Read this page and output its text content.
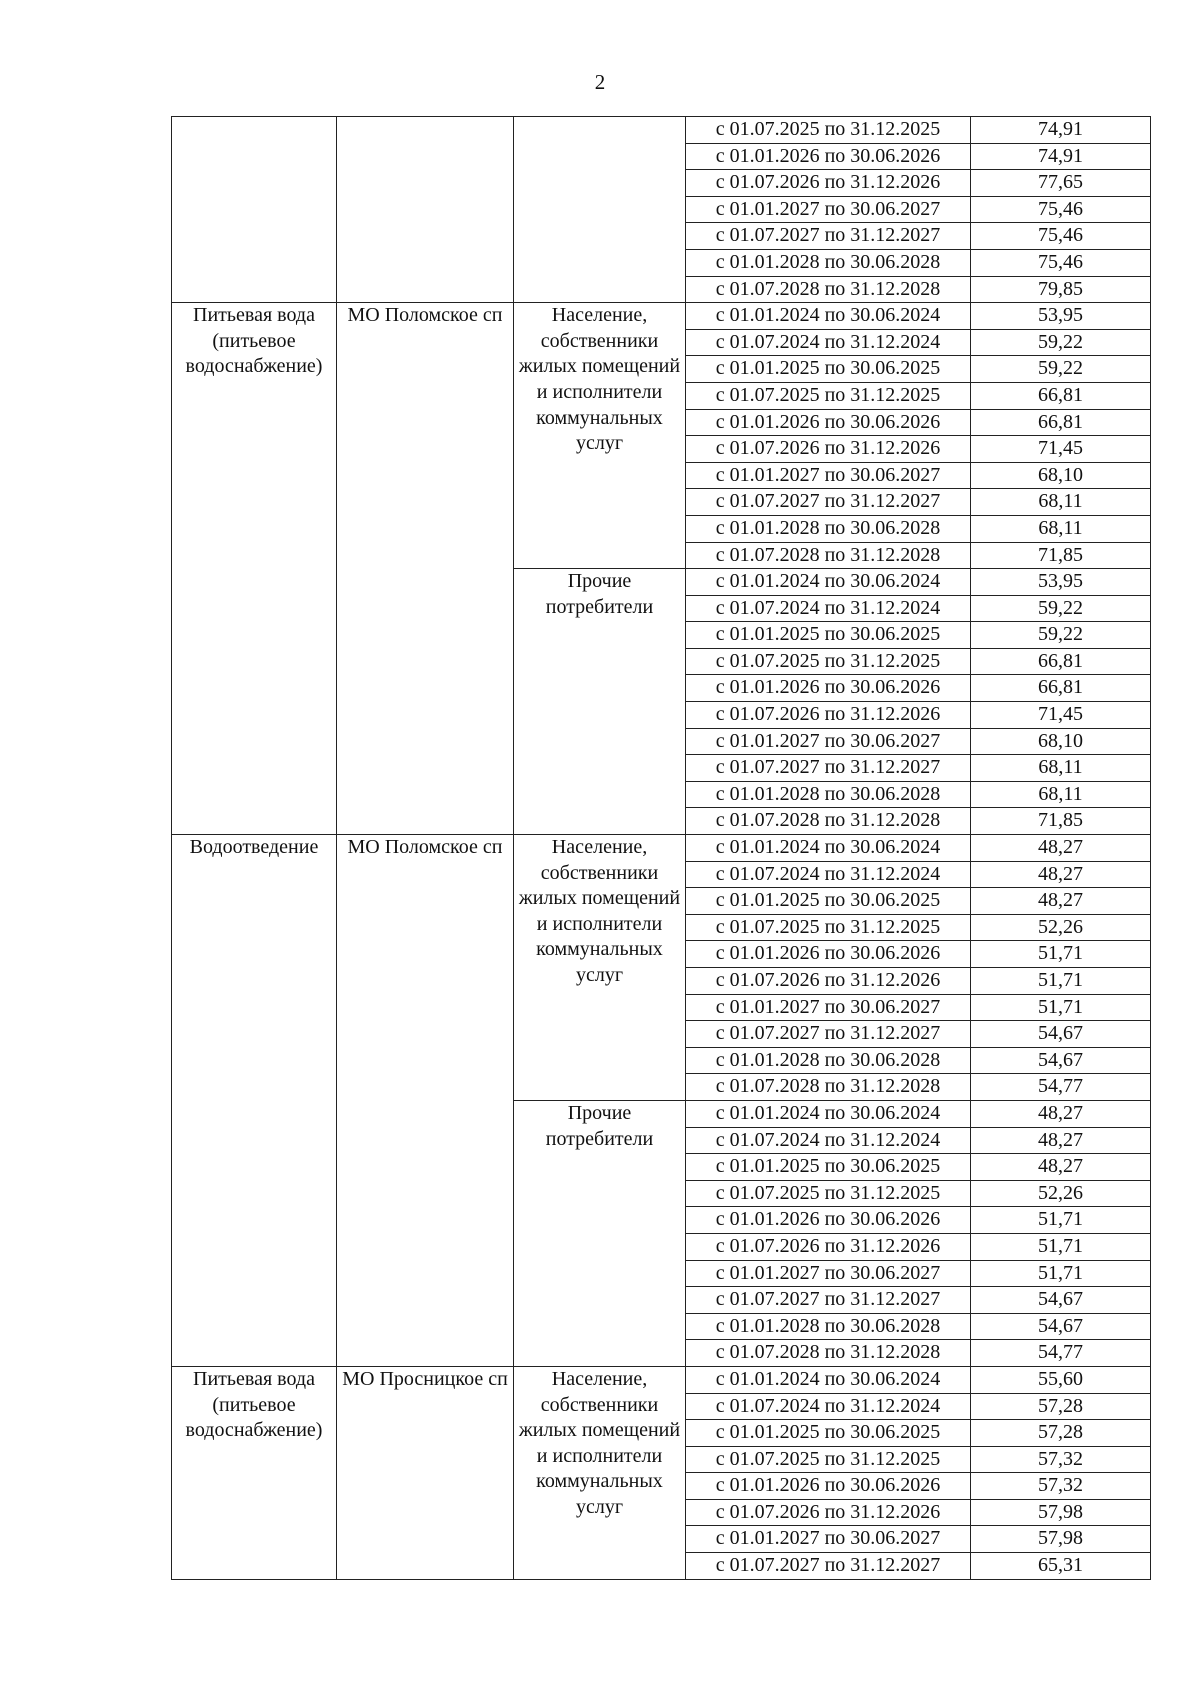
2
			с 01.07.2025 по 31.12.2025	74,91
			с 01.01.2026 по 30.06.2026	74,91
			с 01.07.2026 по 31.12.2026	77,65
			с 01.01.2027 по 30.06.2027	75,46
			с 01.07.2027 по 31.12.2027	75,46
			с 01.01.2028 по 30.06.2028	75,46
			с 01.07.2028 по 31.12.2028	79,85
Питьевая вода (питьевое водоснабжение)	МО Поломское сп	Население, собственники жилых помещений и исполнители коммунальных услуг	с 01.01.2024 по 30.06.2024	53,95
			с 01.07.2024 по 31.12.2024	59,22
			с 01.01.2025 по 30.06.2025	59,22
			с 01.07.2025 по 31.12.2025	66,81
			с 01.01.2026 по 30.06.2026	66,81
			с 01.07.2026 по 31.12.2026	71,45
			с 01.01.2027 по 30.06.2027	68,10
			с 01.07.2027 по 31.12.2027	68,11
			с 01.01.2028 по 30.06.2028	68,11
			с 01.07.2028 по 31.12.2028	71,85
		Прочие потребители	с 01.01.2024 по 30.06.2024	53,95
			с 01.07.2024 по 31.12.2024	59,22
			с 01.01.2025 по 30.06.2025	59,22
			с 01.07.2025 по 31.12.2025	66,81
			с 01.01.2026 по 30.06.2026	66,81
			с 01.07.2026 по 31.12.2026	71,45
			с 01.01.2027 по 30.06.2027	68,10
			с 01.07.2027 по 31.12.2027	68,11
			с 01.01.2028 по 30.06.2028	68,11
			с 01.07.2028 по 31.12.2028	71,85
Водоотведение	МО Поломское сп	Население, собственники жилых помещений и исполнители коммунальных услуг	с 01.01.2024 по 30.06.2024	48,27
			с 01.07.2024 по 31.12.2024	48,27
			с 01.01.2025 по 30.06.2025	48,27
			с 01.07.2025 по 31.12.2025	52,26
			с 01.01.2026 по 30.06.2026	51,71
			с 01.07.2026 по 31.12.2026	51,71
			с 01.01.2027 по 30.06.2027	51,71
			с 01.07.2027 по 31.12.2027	54,67
			с 01.01.2028 по 30.06.2028	54,67
			с 01.07.2028 по 31.12.2028	54,77
		Прочие потребители	с 01.01.2024 по 30.06.2024	48,27
			с 01.07.2024 по 31.12.2024	48,27
			с 01.01.2025 по 30.06.2025	48,27
			с 01.07.2025 по 31.12.2025	52,26
			с 01.01.2026 по 30.06.2026	51,71
			с 01.07.2026 по 31.12.2026	51,71
			с 01.01.2027 по 30.06.2027	51,71
			с 01.07.2027 по 31.12.2027	54,67
			с 01.01.2028 по 30.06.2028	54,67
			с 01.07.2028 по 31.12.2028	54,77
Питьевая вода (питьевое водоснабжение)	МО Просницкое сп	Население, собственники жилых помещений и исполнители коммунальных услуг	с 01.01.2024 по 30.06.2024	55,60
			с 01.07.2024 по 31.12.2024	57,28
			с 01.01.2025 по 30.06.2025	57,28
			с 01.07.2025 по 31.12.2025	57,32
			с 01.01.2026 по 30.06.2026	57,32
			с 01.07.2026 по 31.12.2026	57,98
			с 01.01.2027 по 30.06.2027	57,98
			с 01.07.2027 по 31.12.2027	65,31
